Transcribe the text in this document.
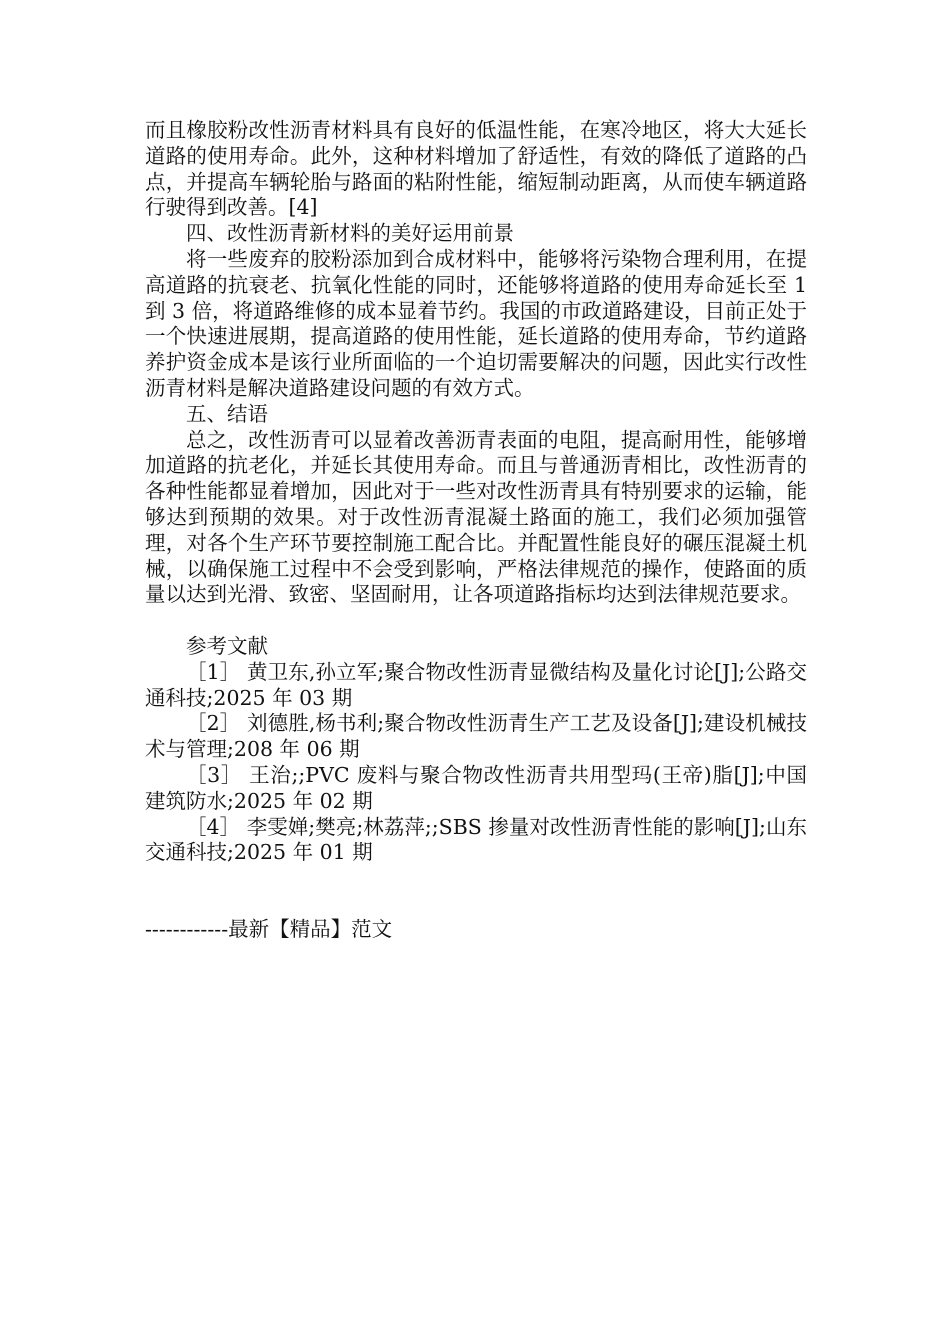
而且橡胶粉改性沥青材料具有良好的低温性能，在寒冷地区，将大大延长道路的使用寿命。此外，这种材料增加了舒适性，有效的降低了道路的凸点，并提高车辆轮胎与路面的粘附性能，缩短制动距离，从而使车辆道路行驶得到改善。[4]

四、改性沥青新材料的美好运用前景

将一些废弃的胶粉添加到合成材料中，能够将污染物合理利用，在提高道路的抗衰老、抗氧化性能的同时，还能够将道路的使用寿命延长至 1 到 3 倍，将道路维修的成本显着节约。我国的市政道路建设，目前正处于一个快速进展期，提高道路的使用性能，延长道路的使用寿命，节约道路养护资金成本是该行业所面临的一个迫切需要解决的问题，因此实行改性沥青材料是解决道路建设问题的有效方式。

五、结语

总之，改性沥青可以显着改善沥青表面的电阻，提高耐用性，能够增加道路的抗老化，并延长其使用寿命。而且与普通沥青相比，改性沥青的各种性能都显着增加，因此对于一些对改性沥青具有特别要求的运输，能够达到预期的效果。对于改性沥青混凝土路面的施工，我们必须加强管理，对各个生产环节要控制施工配合比。并配置性能良好的碾压混凝土机械，以确保施工过程中不会受到影响，严格法律规范的操作，使路面的质量以达到光滑、致密、坚固耐用，让各项道路指标均达到法律规范要求。

参考文献

［1］ 黄卫东,孙立军;聚合物改性沥青显微结构及量化讨论[J];公路交通科技;2025 年 03 期

［2］ 刘德胜,杨书利;聚合物改性沥青生产工艺及设备[J];建设机械技术与管理;208 年 06 期

［3］ 王治;;PVC 废料与聚合物改性沥青共用型玛(王帝)脂[J];中国建筑防水;2025 年 02 期

［4］ 李雯婵;樊亮;林荔萍;;SBS 掺量对改性沥青性能的影响[J];山东交通科技;2025 年 01 期

------------最新【精品】范文
